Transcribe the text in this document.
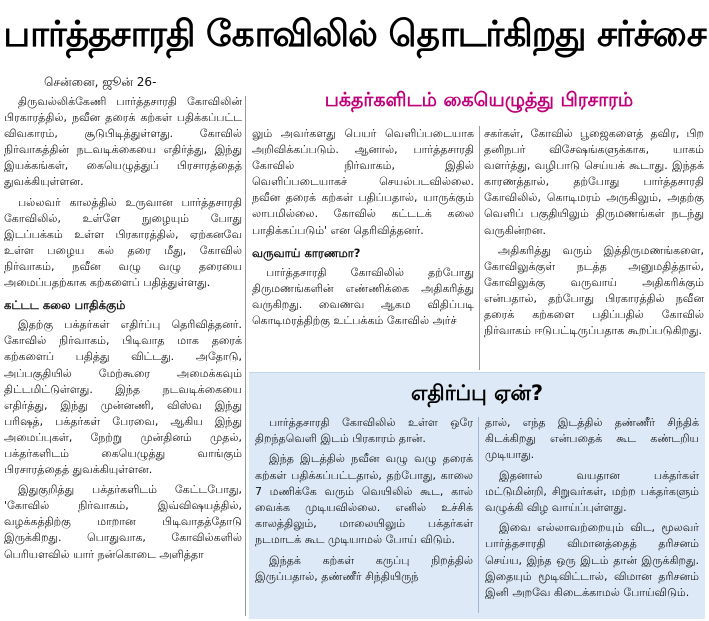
பார்த்தசாரதி கோவிலில் தொடர்கிறது சர்ச்சை
சென்னை, ஜூன் 26-
பக்தர்களிடம் கையெழுத்து பிரசாரம்

திருவல்லிக்கேணி பார்த்தசாரதி கோவிலின் பிரகாரத்தில், நவீன தரைக் கற்கள் பதிக்கப்பட்ட விவகாரம், சூடுபிடித்துள்ளது. கோவில் நிர்வாகத்தின் நடவடிக்கையை எதிர்த்து, இந்து இயக்கங்கள், கையெழுத்துப் பிரசாரத்தைத் துவக்கியுள்ளன.

பல்லவர் காலத்தில் உருவான பார்த்தசாரதி கோவிலில், உள்ளே நுழையும் போது இடப்பக்கம் உள்ள பிரகாரத்தில், ஏற்கனவே உள்ள பழைய கல் தரை மீது, கோவில் நிர்வாகம், நவீன வழு வழு தரையை அமைப்பதற்காக கற்களைப் பதித்துள்ளது.

கட்டட கலை பாதிக்கும்

இதற்கு பக்தர்கள் எதிர்ப்பு தெரிவித்தனர். கோவில் நிர்வாகம், பிடிவாத மாக தரைக் கற்களைப் பதித்து விட்டது. அதோடு, அப்பகுதியில் மேற்கூரை அமைக்கவும் திட்டமிட்டுள்ளது. இந்த நடவடிக்கையை எதிர்த்து, இந்து முன்னணி, விஸ்வ இந்து பரிஷத், பக்தர்கள் பேரவை, ஆகிய இந்து அமைப்புகள், நேற்று முன்தினம் முதல், பக்தர்களிடம் கையெழுத்து வாங்கும் பிரசாரத்தைத் துவக்கியுள்ளன.

இதுகுறித்து பக்தர்களிடம் கேட்டபோது, 'கோவில் நிர்வாகம், இவ்விஷயத்தில், வழக்கத்திற்கு மாறான பிடிவாதத்தோடு இருக்கிறது. பொதுவாக, கோவில்களில் பெரியளவில் யார் நன்கொடை அளித்தா

லும் அவர்களது பெயர் வெளிப்படையாக அறிவிக்கப்படும். ஆனால், பார்த்தசாரதி கோவில் நிர்வாகம், இதில் வெளிப்படையாகச் செயல்படவில்லை. நவீன தரைக் கற்கள் பதிப்பதால், யாருக்கும் லாபமில்லை. கோவில் கட்டடக் கலை பாதிக்கப்படும்' என தெரிவித்தனர்.

வருவாய் காரணமா?

பார்த்தசாரதி கோவிலில் தற்போது திருமணங்களின் எண்ணிக்கை அதிகரித்து வருகிறது. வைணவ ஆகம விதிப்படி கொடிமரத்திற்கு உட்பக்கம் கோவில் அர்ச்

சகர்கள், கோவில் பூஜைகளைத் தவிர, பிற தனிநபர் விசேஷங்களுக்காக, யாகம் வளர்த்து, வழிபாடு செய்யக் கூடாது. இந்தக் காரணத்தால், தற்போது பார்த்தசாரதி கோவிலில், கொடிமரம் அருகிலும், அதற்கு வெளிப் பகுதியிலும் திருமணங்கள் நடந்து வருகின்றன.

அதிகரித்து வரும் இத்திருமணங்களை, கோவிலுக்குள் நடத்த அனுமதித்தால், கோவிலுக்கு வருவாய் அதிகரிக்கும் என்பதால், தற்போது பிரகாரத்தில் நவீன தரைக் கற்களை பதிப்பதில் கோவில் நிர்வாகம் ஈடுபட்டிருப்பதாக கூறப்படுகிறது.

எதிர்ப்பு ஏன்?

பார்த்தசாரதி கோவிலில் உள்ள ஒரே திறந்தவெளி இடம் பிரகாரம் தான்.

இந்த இடத்தில் நவீன வழு வழு தரைக் கற்கள் பதிக்கப்பட்டதால், தற்போது, காலை 7 மணிக்கே வரும் வெயிலில் கூட, கால் வைக்க முடியவில்லை. எனில் உச்சிக் காலத்திலும், மாலையிலும் பக்தர்கள் நடமாடக் கூட முடியாமல் போய் விடும்.

இந்தக் கற்கள் கருப்பு நிறத்தில் இருப்பதால், தண்ணீர் சிந்தியிருந்

தால், எந்த இடத்தில் தண்ணீர் சிந்திக் கிடக்கிறது என்பதைக் கூட கண்டறிய முடியாது.

இதனால் வயதான பக்தர்கள் மட்டுமின்றி, சிறுவர்கள், மற்ற பக்தர்களும் வழுக்கி விழ வாய்ப்புள்ளது.

இவை எல்லாவற்றையும் விட, மூலவர் பார்த்தசாரதி விமானத்தைத் தரிசனம் செய்ய, இந்த ஒரு இடம் தான் இருக்கிறது. இதையும் மூடிவிட்டால், விமான தரிசனம் இனி அறவே கிடைக்காமல் போய்விடும்.
